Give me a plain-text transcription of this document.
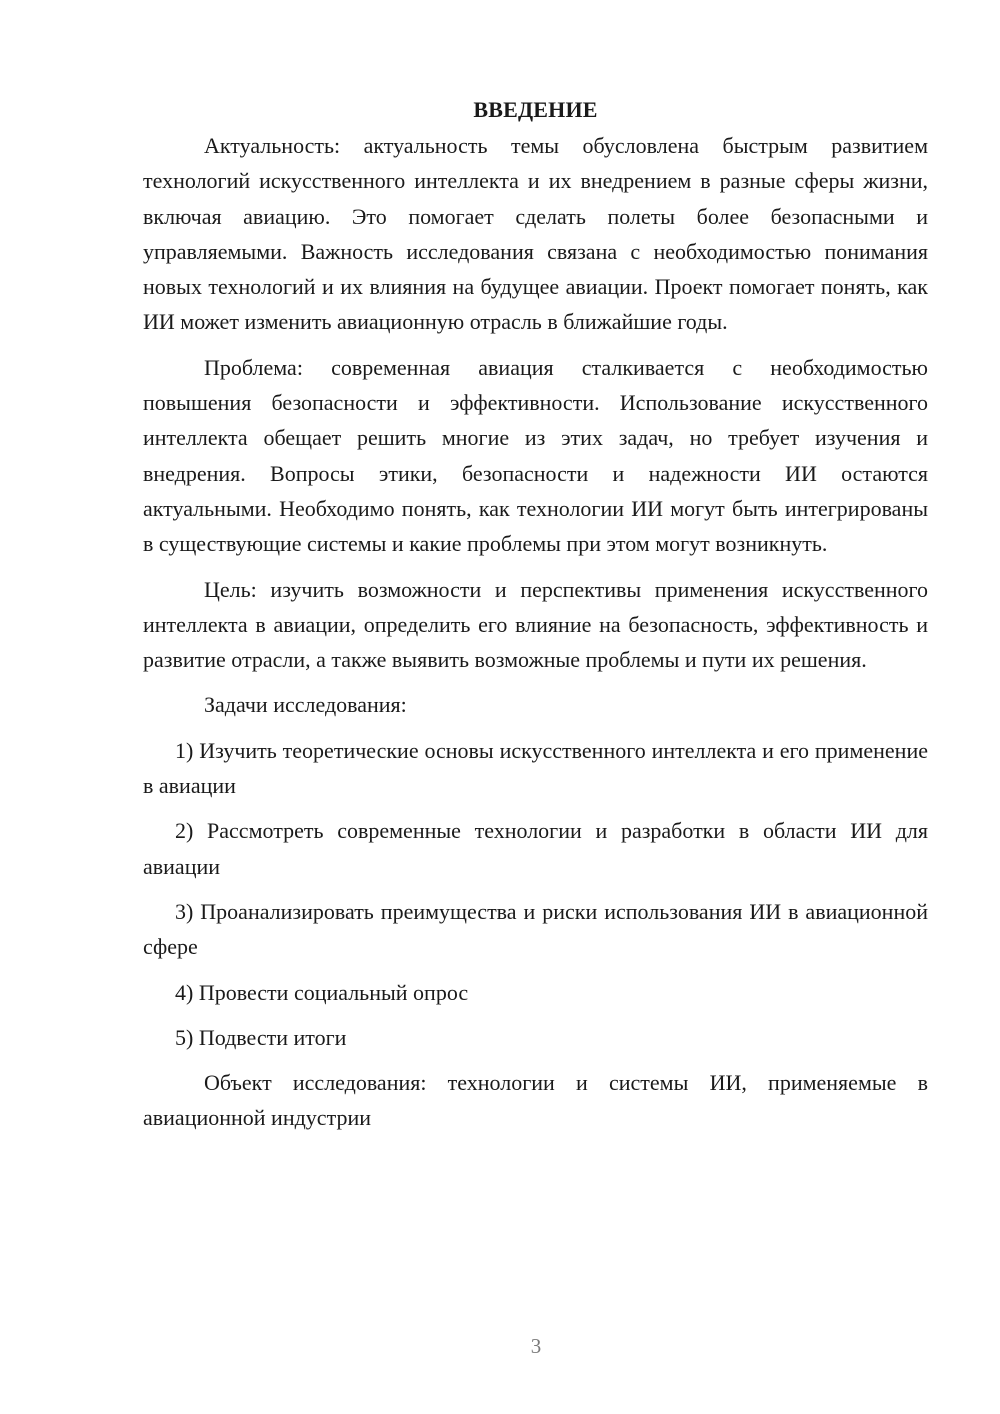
ВВЕДЕНИЕ

Актуальность: актуальность темы обусловлена быстрым развитием технологий искусственного интеллекта и их внедрением в разные сферы жизни, включая авиацию. Это помогает сделать полеты более безопасными и управляемыми. Важность исследования связана с необходимостью понимания новых технологий и их влияния на будущее авиации. Проект помогает понять, как ИИ может изменить авиационную отрасль в ближайшие годы.

Проблема: современная авиация сталкивается с необходимостью повышения безопасности и эффективности. Использование искусственного интеллекта обещает решить многие из этих задач, но требует изучения и внедрения. Вопросы этики, безопасности и надежности ИИ остаются актуальными. Необходимо понять, как технологии ИИ могут быть интегрированы в существующие системы и какие проблемы при этом могут возникнуть.

Цель: изучить возможности и перспективы применения искусственного интеллекта в авиации, определить его влияние на безопасность, эффективность и развитие отрасли, а также выявить возможные проблемы и пути их решения.

Задачи исследования:

1) Изучить теоретические основы искусственного интеллекта и его применение в авиации

2) Рассмотреть современные технологии и разработки в области ИИ для авиации

3) Проанализировать преимущества и риски использования ИИ в авиационной сфере

4) Провести социальный опрос

5) Подвести итоги

Объект исследования: технологии и системы ИИ, применяемые в авиационной индустрии

3
